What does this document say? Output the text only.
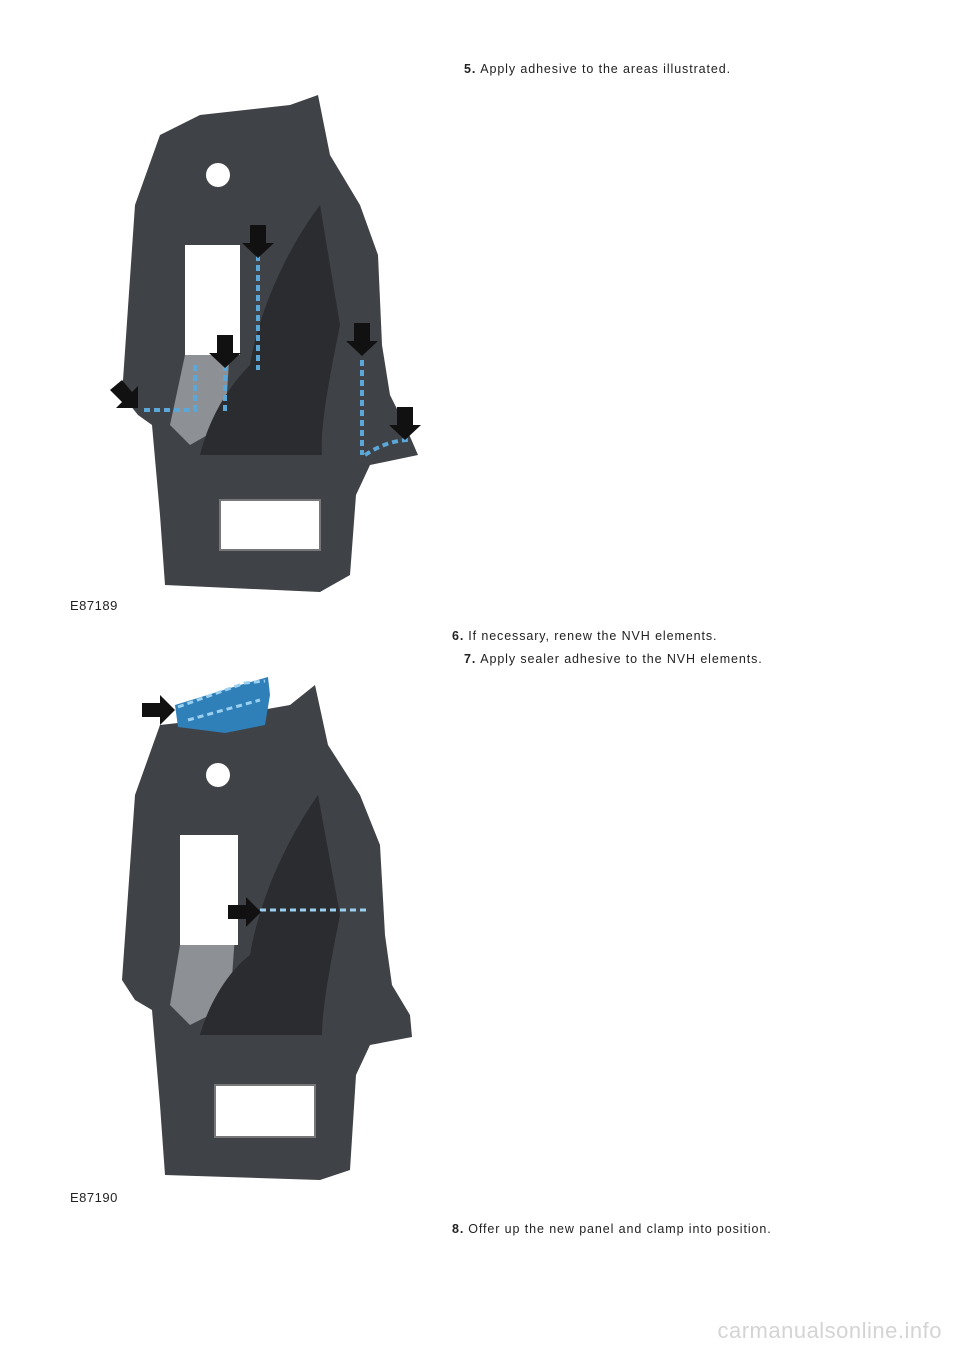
5. Apply adhesive to the areas illustrated.
E87189
6. If necessary, renew the NVH elements.
7. Apply sealer adhesive to the NVH elements.
E87190
8. Offer up the new panel and clamp into position.
carmanualsonline.info
